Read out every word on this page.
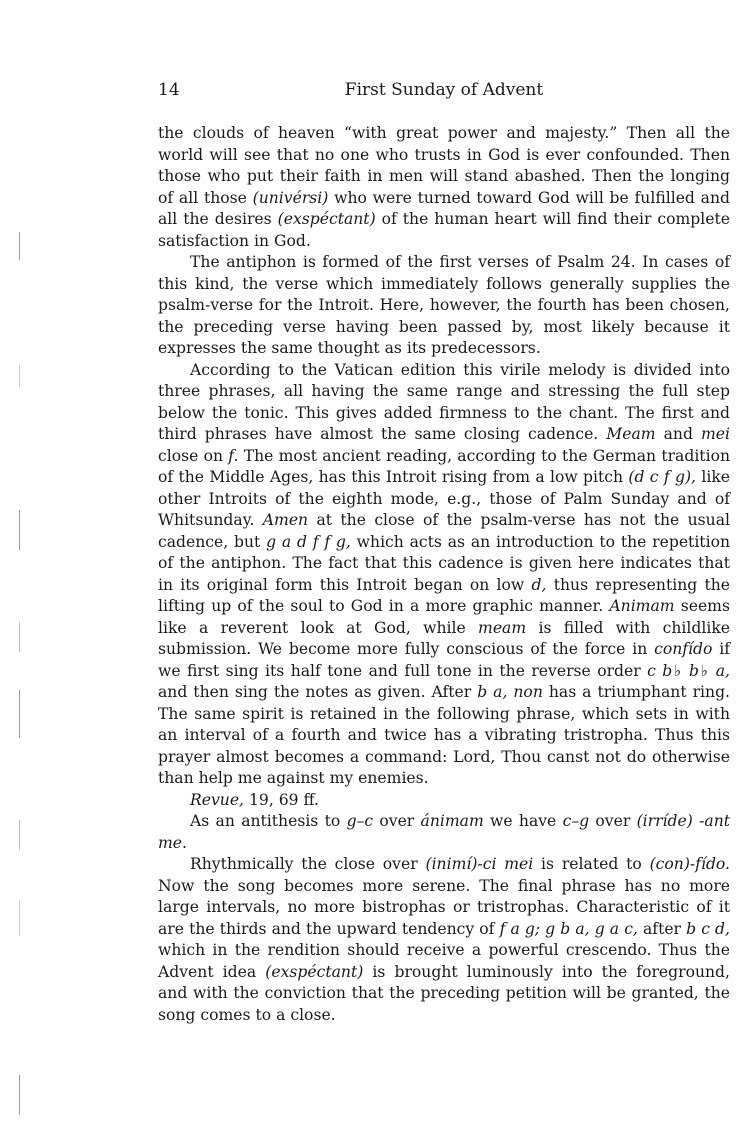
14	First Sunday of Advent

the clouds of heaven “with great power and majesty.” Then all the world will see that no one who trusts in God is ever confounded. Then those who put their faith in men will stand abashed. Then the longing of all those (univérsi) who were turned toward God will be fulfilled and all the desires (exspéctant) of the human heart will find their complete satisfaction in God.

The antiphon is formed of the first verses of Psalm 24. In cases of this kind, the verse which immediately follows generally supplies the psalm-verse for the Introit. Here, however, the fourth has been chosen, the preceding verse having been passed by, most likely because it expresses the same thought as its predecessors.

According to the Vatican edition this virile melody is divided into three phrases, all having the same range and stressing the full step below the tonic. This gives added firmness to the chant. The first and third phrases have almost the same closing cadence. Meam and mei close on f. The most ancient reading, according to the German tradition of the Middle Ages, has this Introit rising from a low pitch (d c f g), like other Introits of the eighth mode, e.g., those of Palm Sunday and of Whitsunday. Amen at the close of the psalm-verse has not the usual cadence, but g a d f f g, which acts as an introduction to the repetition of the antiphon. The fact that this cadence is given here indicates that in its original form this Introit began on low d, thus representing the lifting up of the soul to God in a more graphic manner. Animam seems like a reverent look at God, while meam is filled with childlike submission. We become more fully conscious of the force in confído if we first sing its half tone and full tone in the reverse order c b♭ b♭ a, and then sing the notes as given. After b a, non has a triumphant ring. The same spirit is retained in the following phrase, which sets in with an interval of a fourth and twice has a vibrating tristropha. Thus this prayer almost becomes a command: Lord, Thou canst not do otherwise than help me against my enemies.

Revue, 19, 69 ff.

As an antithesis to g–c over ánimam we have c–g over (irríde) -ant me.

Rhythmically the close over (inimí)-ci mei is related to (con)-fído. Now the song becomes more serene. The final phrase has no more large intervals, no more bistrophas or tristrophas. Characteristic of it are the thirds and the upward tendency of f a g; g b a, g a c, after b c d, which in the rendition should receive a powerful crescendo. Thus the Advent idea (exspéctant) is brought luminously into the foreground, and with the conviction that the preceding petition will be granted, the song comes to a close.
